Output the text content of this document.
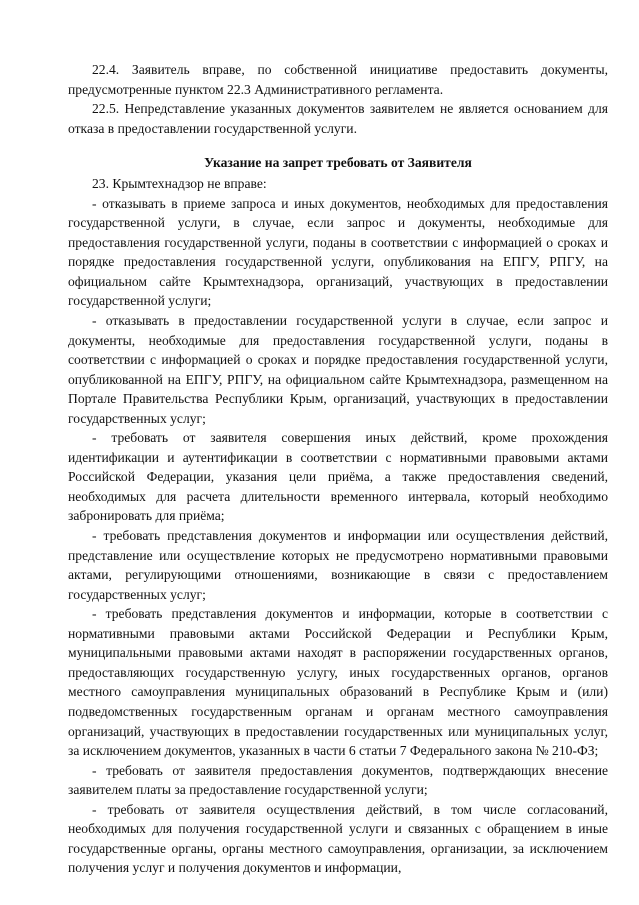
22.4. Заявитель вправе, по собственной инициативе предоставить документы, предусмотренные пунктом 22.3 Административного регламента.

22.5. Непредставление указанных документов заявителем не является основанием для отказа в предоставлении государственной услуги.

Указание на запрет требовать от Заявителя

23. Крымтехнадзор не вправе:

- отказывать в приеме запроса и иных документов, необходимых для предоставления государственной услуги, в случае, если запрос и документы, необходимые для предоставления государственной услуги, поданы в соответствии с информацией о сроках и порядке предоставления государственной услуги, опубликования на ЕПГУ, РПГУ, на официальном сайте Крымтехнадзора, организаций, участвующих в предоставлении государственной услуги;

- отказывать в предоставлении государственной услуги в случае, если запрос и документы, необходимые для предоставления государственной услуги, поданы в соответствии с информацией о сроках и порядке предоставления государственной услуги, опубликованной на ЕПГУ, РПГУ, на официальном сайте Крымтехнадзора, размещенном на Портале Правительства Республики Крым, организаций, участвующих в предоставлении государственных услуг;

- требовать от заявителя совершения иных действий, кроме прохождения идентификации и аутентификации в соответствии с нормативными правовыми актами Российской Федерации, указания цели приёма, а также предоставления сведений, необходимых для расчета длительности временного интервала, который необходимо забронировать для приёма;

- требовать представления документов и информации или осуществления действий, представление или осуществление которых не предусмотрено нормативными правовыми актами, регулирующими отношениями, возникающие в связи с предоставлением государственных услуг;

- требовать представления документов и информации, которые в соответствии с нормативными правовыми актами Российской Федерации и Республики Крым, муниципальными правовыми актами находят в распоряжении государственных органов, предоставляющих государственную услугу, иных государственных органов, органов местного самоуправления муниципальных образований в Республике Крым и (или) подведомственных государственным органам и органам местного самоуправления организаций, участвующих в предоставлении государственных или муниципальных услуг, за исключением документов, указанных в части 6 статьи 7 Федерального закона № 210-ФЗ;

- требовать от заявителя предоставления документов, подтверждающих внесение заявителем платы за предоставление государственной услуги;

- требовать от заявителя осуществления действий, в том числе согласований, необходимых для получения государственной услуги и связанных с обращением в иные государственные органы, органы местного самоуправления, организации, за исключением получения услуг и получения документов и информации,
